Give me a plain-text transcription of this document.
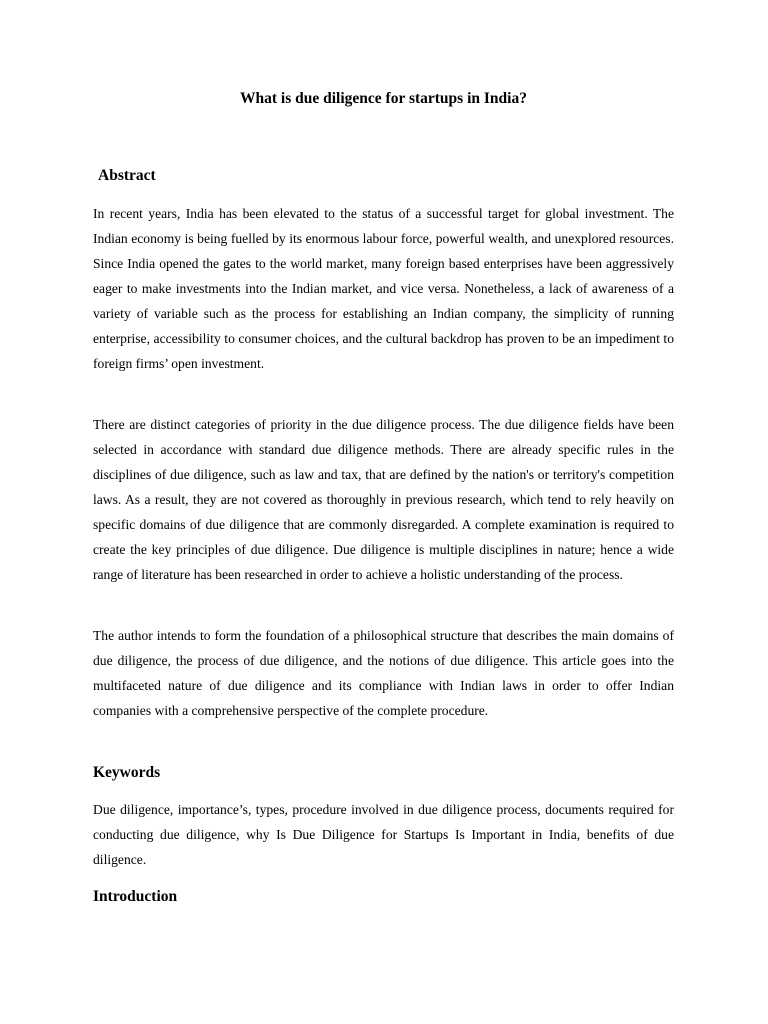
What is due diligence for startups in India?
Abstract

In recent years, India has been elevated to the status of a successful target for global investment. The Indian economy is being fuelled by its enormous labour force, powerful wealth, and unexplored resources. Since India opened the gates to the world market, many foreign based enterprises have been aggressively eager to make investments into the Indian market, and vice versa. Nonetheless, a lack of awareness of a variety of variable such as the process for establishing an Indian company, the simplicity of running enterprise, accessibility to consumer choices, and the cultural backdrop has proven to be an impediment to foreign firms’ open investment.

There are distinct categories of priority in the due diligence process. The due diligence fields have been selected in accordance with standard due diligence methods. There are already specific rules in the disciplines of due diligence, such as law and tax, that are defined by the nation's or territory's competition laws. As a result, they are not covered as thoroughly in previous research, which tend to rely heavily on specific domains of due diligence that are commonly disregarded. A complete examination is required to create the key principles of due diligence. Due diligence is multiple disciplines in nature; hence a wide range of literature has been researched in order to achieve a holistic understanding of the process.

The author intends to form the foundation of a philosophical structure that describes the main domains of due diligence, the process of due diligence, and the notions of due diligence. This article goes into the multifaceted nature of due diligence and its compliance with Indian laws in order to offer Indian companies with a comprehensive perspective of the complete procedure.

Keywords

Due diligence, importance’s, types, procedure involved in due diligence process, documents required for conducting due diligence, why Is Due Diligence for Startups Is Important in India, benefits of due diligence.

Introduction
